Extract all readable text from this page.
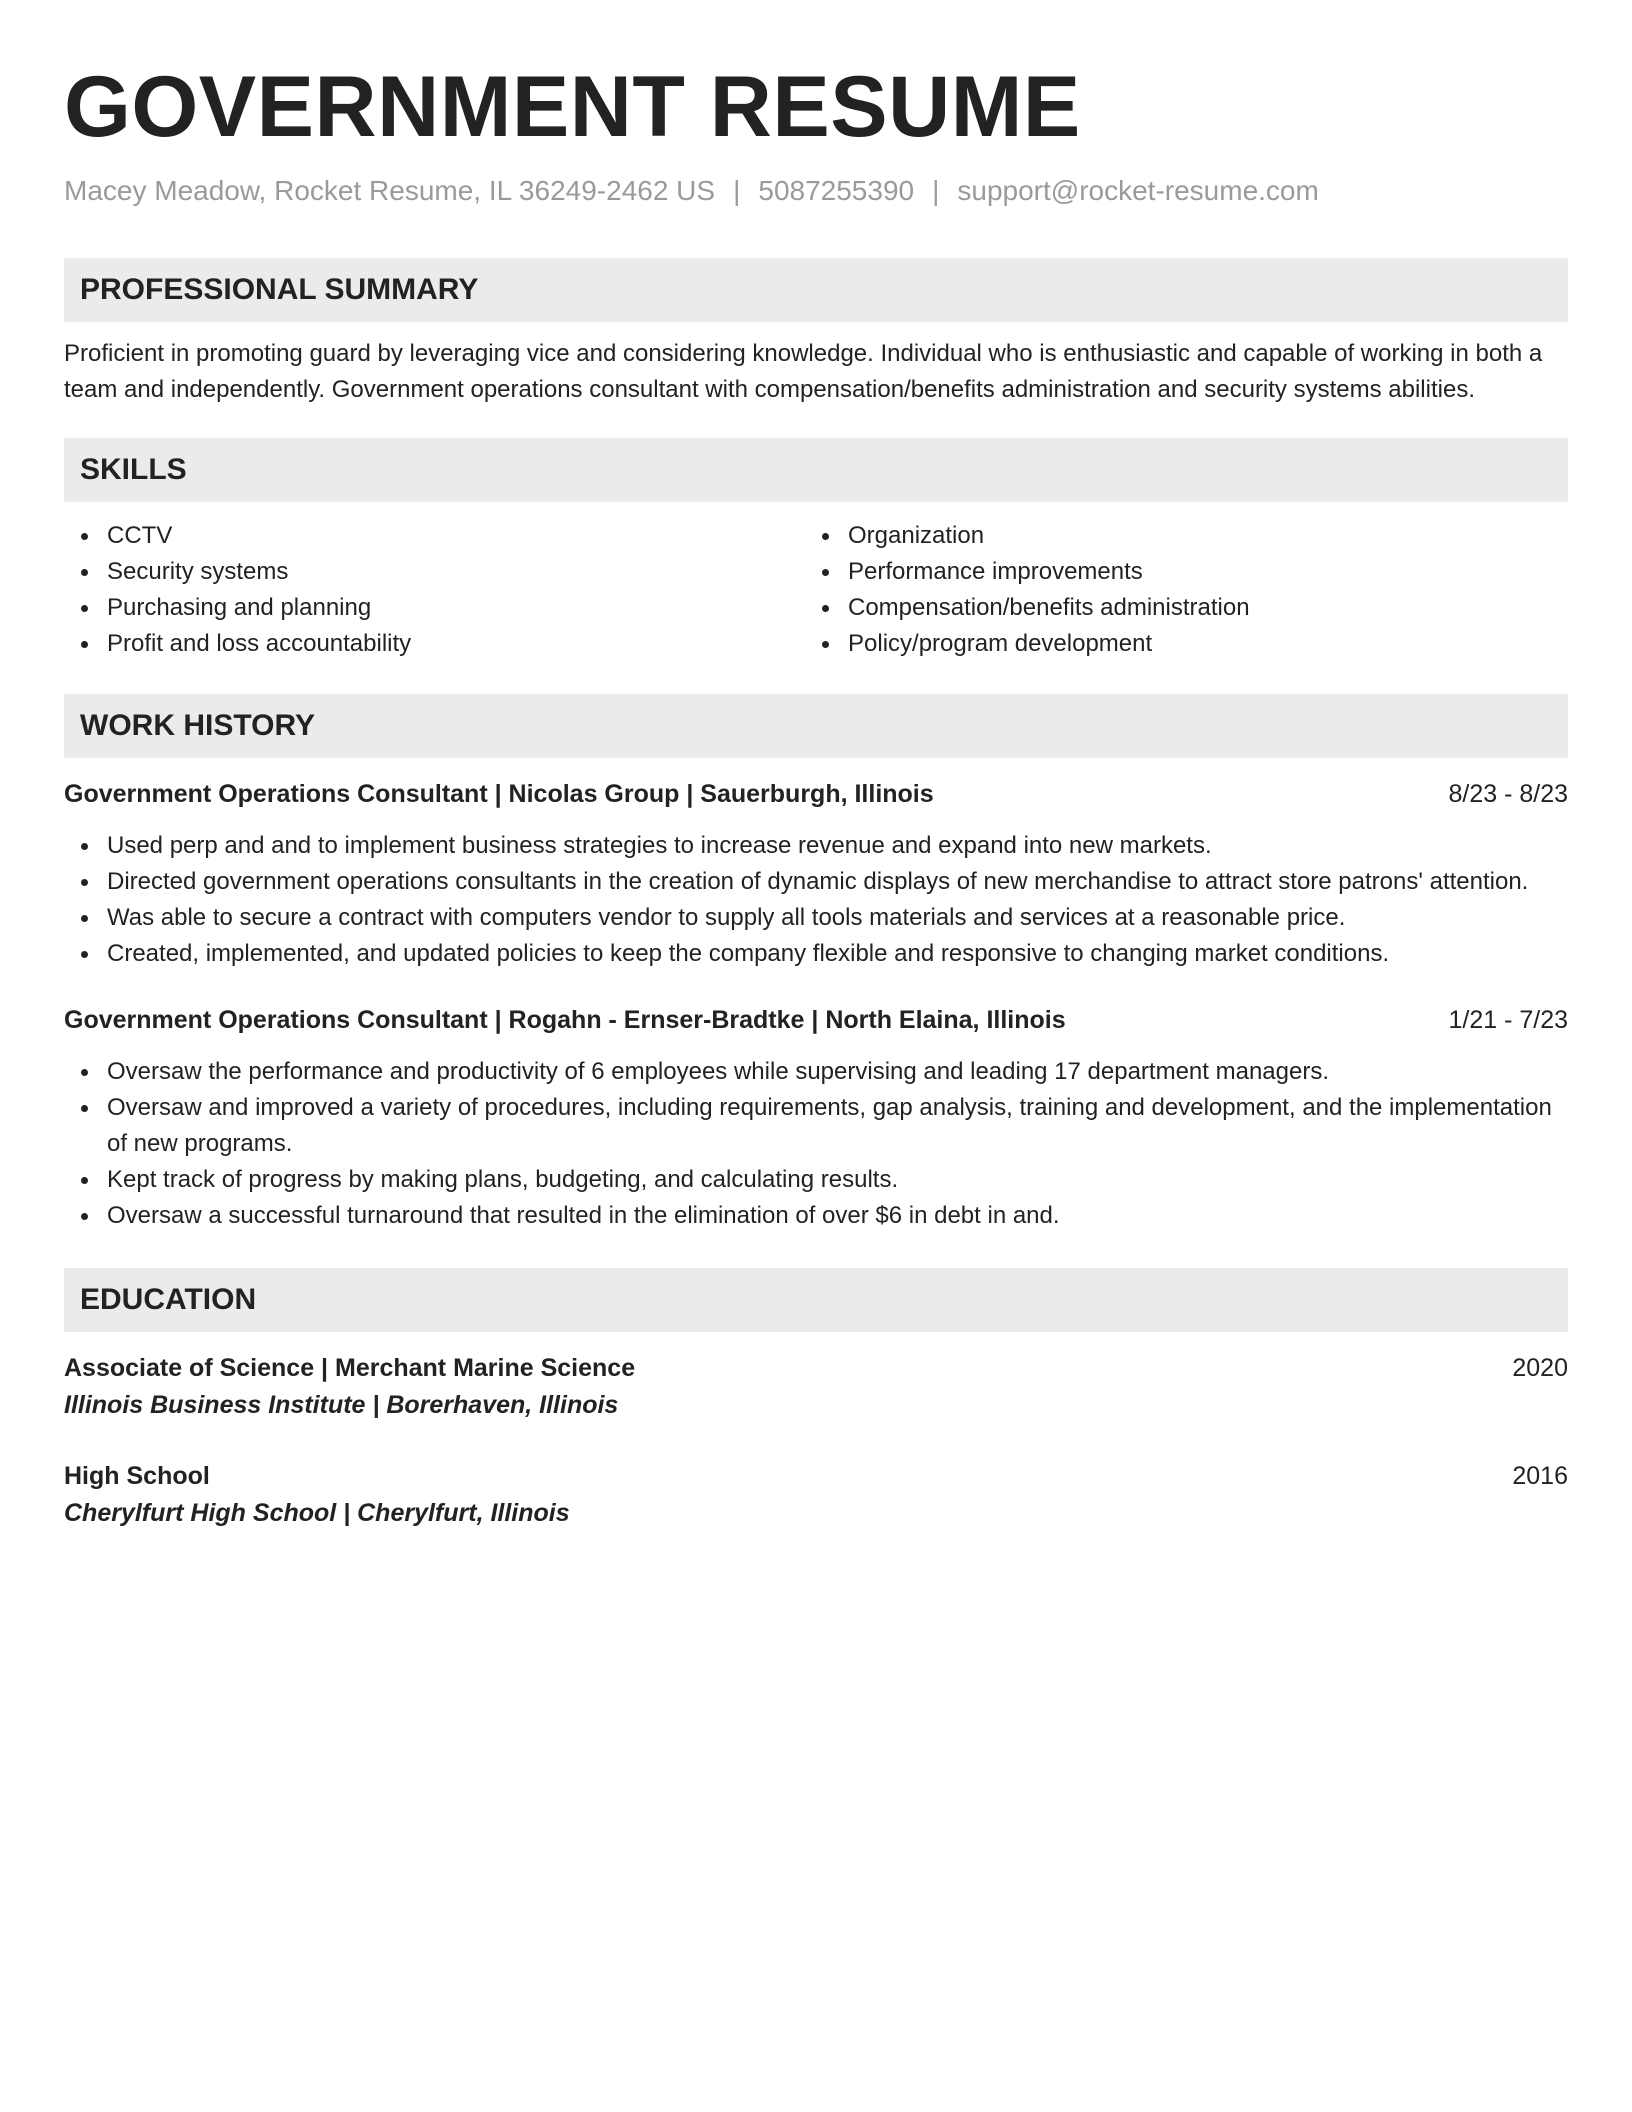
GOVERNMENT RESUME
Macey Meadow, Rocket Resume, IL 36249-2462 US | 5087255390 | support@rocket-resume.com
PROFESSIONAL SUMMARY

Proficient in promoting guard by leveraging vice and considering knowledge. Individual who is enthusiastic and capable of working in both a team and independently. Government operations consultant with compensation/benefits administration and security systems abilities.

SKILLS
CCTV
Security systems
Purchasing and planning
Profit and loss accountability
Organization
Performance improvements
Compensation/benefits administration
Policy/program development
WORK HISTORY
Government Operations Consultant | Nicolas Group | Sauerburgh, Illinois	8/23 - 8/23
Used perp and and to implement business strategies to increase revenue and expand into new markets.
Directed government operations consultants in the creation of dynamic displays of new merchandise to attract store patrons' attention.
Was able to secure a contract with computers vendor to supply all tools materials and services at a reasonable price.
Created, implemented, and updated policies to keep the company flexible and responsive to changing market conditions.
Government Operations Consultant | Rogahn - Ernser-Bradtke | North Elaina, Illinois	1/21 - 7/23
Oversaw the performance and productivity of 6 employees while supervising and leading 17 department managers.
Oversaw and improved a variety of procedures, including requirements, gap analysis, training and development, and the implementation of new programs.
Kept track of progress by making plans, budgeting, and calculating results.
Oversaw a successful turnaround that resulted in the elimination of over $6 in debt in and.
EDUCATION
Associate of Science | Merchant Marine Science	2020
Illinois Business Institute | Borerhaven, Illinois
High School	2016
Cherylfurt High School | Cherylfurt, Illinois
